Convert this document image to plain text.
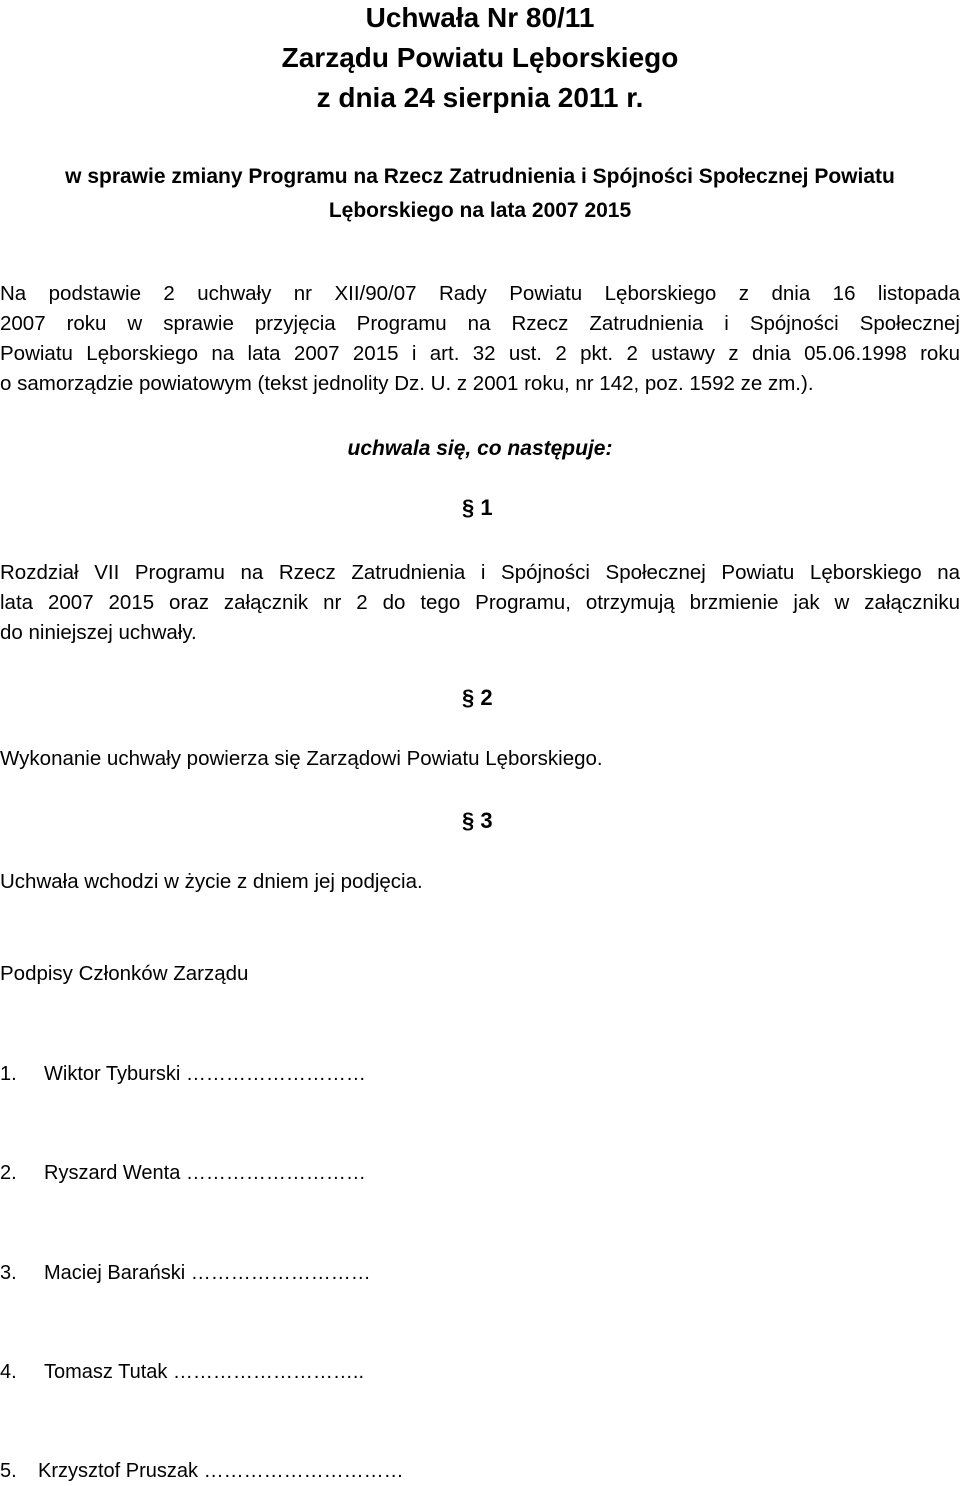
Uchwała Nr 80/11
Zarządu Powiatu Lęborskiego
z dnia 24 sierpnia 2011 r.
w sprawie zmiany Programu na Rzecz Zatrudnienia i Spójności Społecznej Powiatu
Lęborskiego na lata 2007 2015
Na podstawie 2 uchwały nr XII/90/07 Rady Powiatu Lęborskiego z dnia 16 listopada
2007 roku w sprawie przyjęcia Programu na Rzecz Zatrudnienia i Spójności Społecznej
Powiatu Lęborskiego na lata 2007 2015 i art. 32 ust. 2 pkt. 2 ustawy z dnia 05.06.1998 roku
o samorządzie powiatowym (tekst jednolity Dz. U. z 2001 roku, nr 142, poz. 1592 ze zm.).
uchwala się, co następuje:
§ 1
Rozdział VII Programu na Rzecz Zatrudnienia i Spójności Społecznej Powiatu Lęborskiego na
lata 2007 2015 oraz załącznik nr 2 do tego Programu, otrzymują brzmienie jak w załączniku
do niniejszej uchwały.
§ 2
Wykonanie uchwały powierza się Zarządowi Powiatu Lęborskiego.
§ 3
Uchwała wchodzi w życie z dniem jej podjęcia.
Podpisy Członków Zarządu
1. Wiktor Tyburski ………………………
2. Ryszard Wenta ………………………
3. Maciej Barański ………………………
4. Tomasz Tutak ………………………..
5. Krzysztof Pruszak …………………………
